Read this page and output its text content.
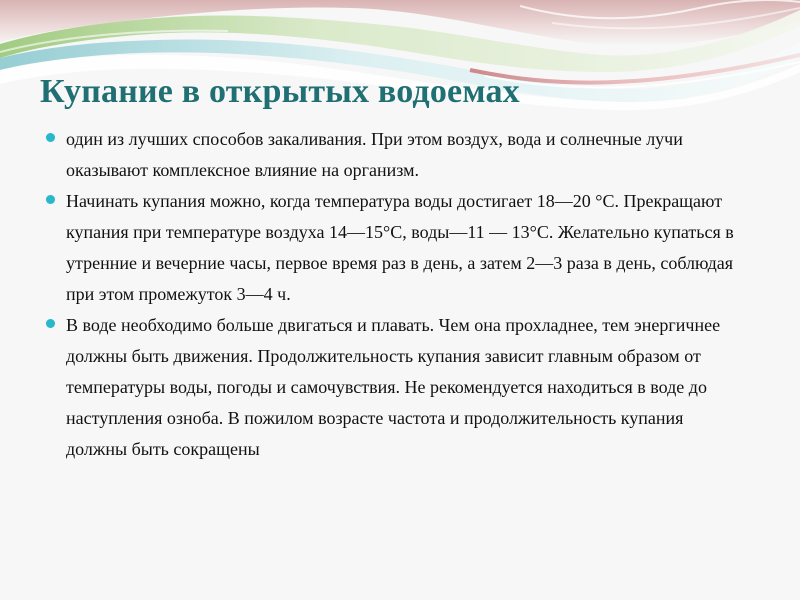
Купание в открытых водоемах
один из лучших способов закаливания. При этом воздух, вода и солнечные лучи оказывают комплексное влияние на организм.
Начинать купания можно, когда температура воды достигает 18—20 °С. Прекращают купания при температуре воздуха 14—15°С, воды—11 — 13°С. Желательно купаться в утренние и вечерние часы, первое время раз в день, а затем 2—3 раза в день, соблюдая при этом промежуток 3—4 ч.
В воде необходимо больше двигаться и плавать. Чем она прохладнее, тем энергичнее должны быть движения. Продолжительность купания зависит главным образом от температуры воды, погоды и самочувствия. Не рекомендуется находиться в воде до наступления озноба. В пожилом возрасте частота и продолжительность купания должны быть сокращены
